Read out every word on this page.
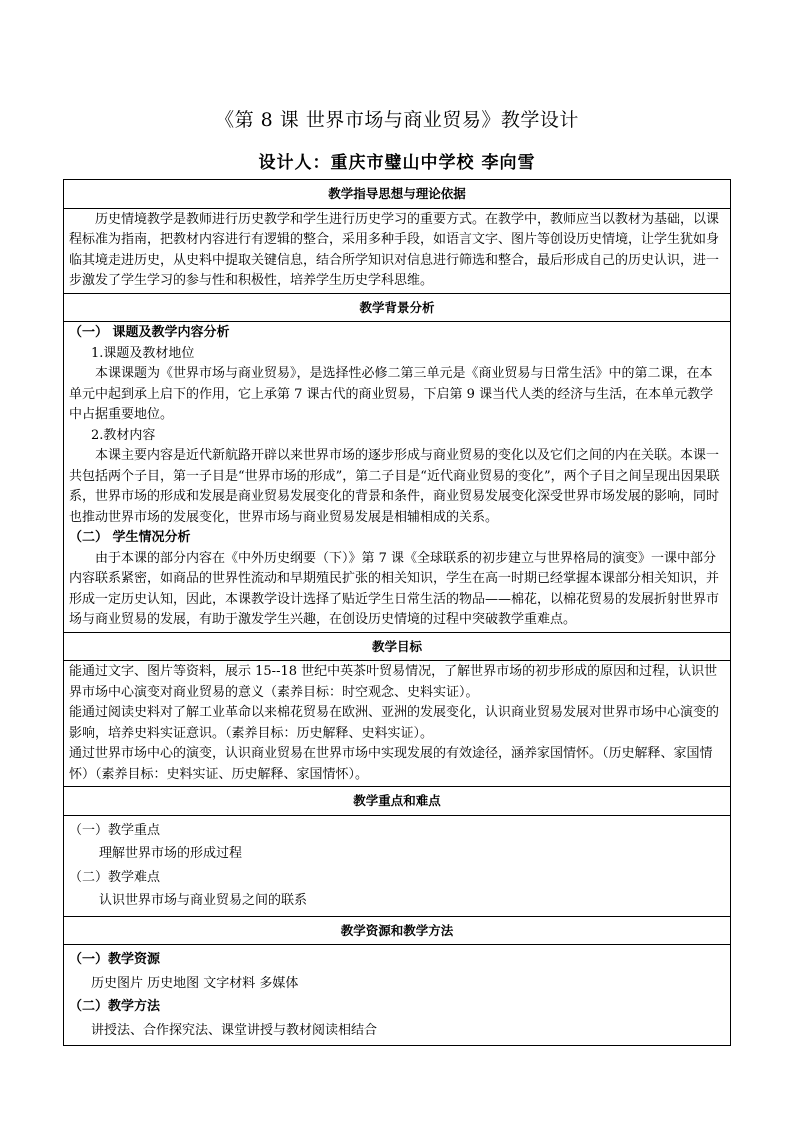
《第 8 课 世界市场与商业贸易》教学设计
设计人：重庆市璧山中学校 李向雪
教学指导思想与理论依据

历史情境教学是教师进行历史教学和学生进行历史学习的重要方式。在教学中，教师应当以教材为基础，以课程标准为指南，把教材内容进行有逻辑的整合，采用多种手段，如语言文字、图片等创设历史情境，让学生犹如身临其境走进历史，从史料中提取关键信息，结合所学知识对信息进行筛选和整合，最后形成自己的历史认识，进一步激发了学生学习的参与性和积极性，培养学生历史学科思维。

教学背景分析

（一） 课题及教学内容分析

1.课题及教材地位

本课课题为《世界市场与商业贸易》，是选择性必修二第三单元是《商业贸易与日常生活》中的第二课，在本单元中起到承上启下的作用，它上承第 7 课古代的商业贸易，下启第 9 课当代人类的经济与生活，在本单元教学中占据重要地位。

2.教材内容

本课主要内容是近代新航路开辟以来世界市场的逐步形成与商业贸易的变化以及它们之间的内在关联。本课一共包括两个子目，第一子目是“世界市场的形成”，第二子目是“近代商业贸易的变化”，两个子目之间呈现出因果联系，世界市场的形成和发展是商业贸易发展变化的背景和条件，商业贸易发展变化深受世界市场发展的影响，同时也推动世界市场的发展变化，世界市场与商业贸易发展是相辅相成的关系。

（二） 学生情况分析

由于本课的部分内容在《中外历史纲要（下）》第 7 课《全球联系的初步建立与世界格局的演变》一课中部分内容联系紧密，如商品的世界性流动和早期殖民扩张的相关知识，学生在高一时期已经掌握本课部分相关知识，并形成一定历史认知，因此，本课教学设计选择了贴近学生日常生活的物品——棉花，以棉花贸易的发展折射世界市场与商业贸易的发展，有助于激发学生兴趣，在创设历史情境的过程中突破教学重难点。

教学目标

能通过文字、图片等资料，展示 15--18 世纪中英茶叶贸易情况，了解世界市场的初步形成的原因和过程，认识世界市场中心演变对商业贸易的意义（素养目标：时空观念、史料实证）。

能通过阅读史料对了解工业革命以来棉花贸易在欧洲、亚洲的发展变化，认识商业贸易发展对世界市场中心演变的影响，培养史料实证意识。（素养目标：历史解释、史料实证）。

通过世界市场中心的演变，认识商业贸易在世界市场中实现发展的有效途径，涵养家国情怀。（历史解释、家国情怀）（素养目标：史料实证、历史解释、家国情怀）。

教学重点和难点

（一）教学重点

理解世界市场的形成过程

（二）教学难点

认识世界市场与商业贸易之间的联系

教学资源和教学方法

（一）教学资源

历史图片 历史地图 文字材料 多媒体

（二）教学方法

讲授法、合作探究法、课堂讲授与教材阅读相结合
